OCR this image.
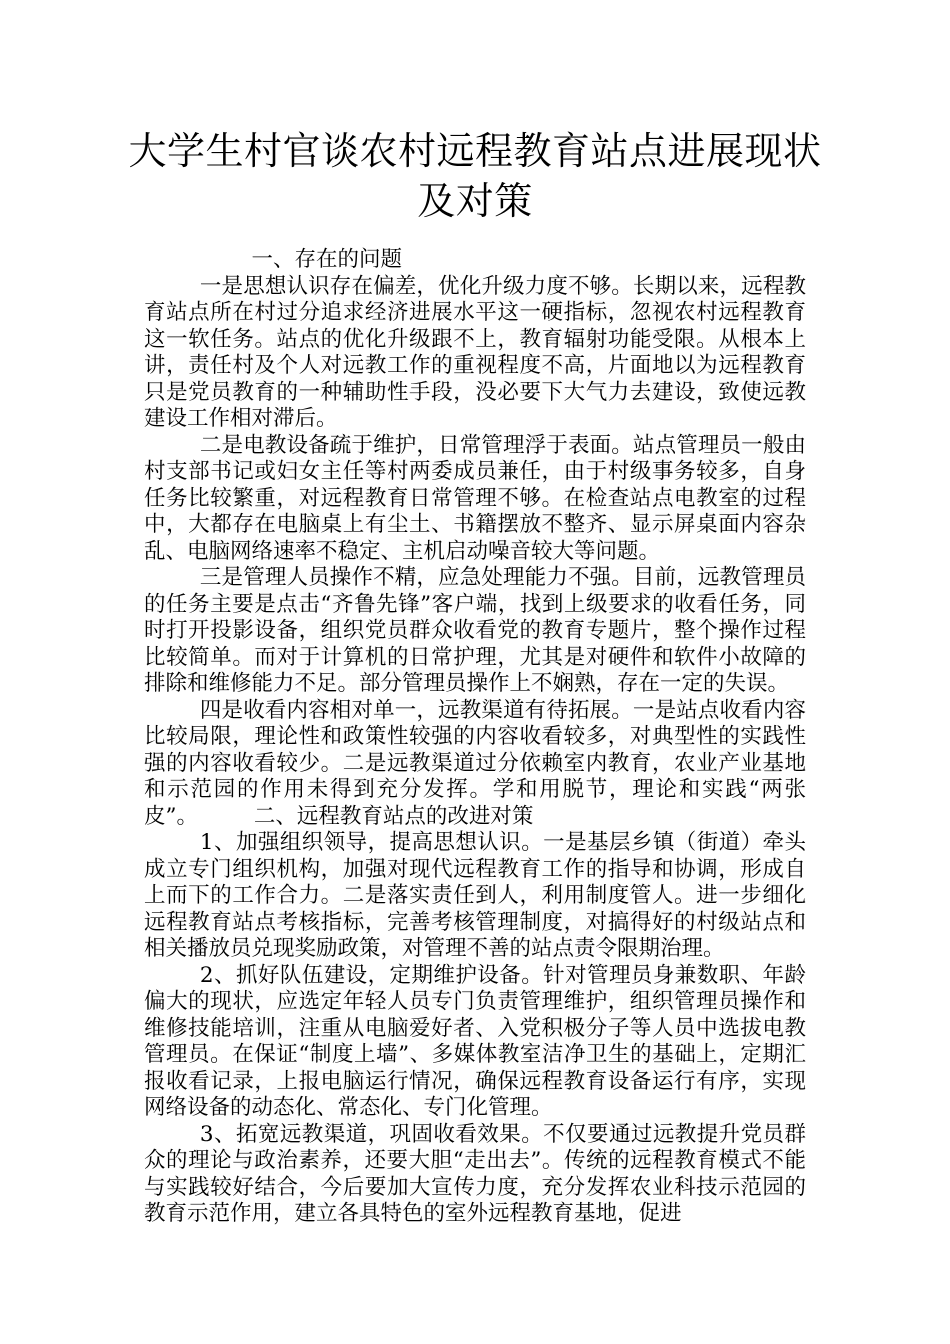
大学生村官谈农村远程教育站点进展现状
及对策

一、存在的问题

一是思想认识存在偏差，优化升级力度不够。长期以来，远程教育站点所在村过分追求经济进展水平这一硬指标，忽视农村远程教育这一软任务。站点的优化升级跟不上，教育辐射功能受限。从根本上讲，责任村及个人对远教工作的重视程度不高，片面地以为远程教育只是党员教育的一种辅助性手段，没必要下大气力去建设，致使远教建设工作相对滞后。

二是电教设备疏于维护，日常管理浮于表面。站点管理员一般由村支部书记或妇女主任等村两委成员兼任，由于村级事务较多，自身任务比较繁重，对远程教育日常管理不够。在检查站点电教室的过程中，大都存在电脑桌上有尘土、书籍摆放不整齐、显示屏桌面内容杂乱、电脑网络速率不稳定、主机启动噪音较大等问题。

三是管理人员操作不精，应急处理能力不强。目前，远教管理员的任务主要是点击“齐鲁先锋”客户端，找到上级要求的收看任务，同时打开投影设备，组织党员群众收看党的教育专题片，整个操作过程比较简单。而对于计算机的日常护理，尤其是对硬件和软件小故障的排除和维修能力不足。部分管理员操作上不娴熟，存在一定的失误。

四是收看内容相对单一，远教渠道有待拓展。一是站点收看内容比较局限，理论性和政策性较强的内容收看较多，对典型性的实践性强的内容收看较少。二是远教渠道过分依赖室内教育，农业产业基地和示范园的作用未得到充分发挥。学和用脱节，理论和实践“两张皮”。	二、远程教育站点的改进对策

1、加强组织领导，提高思想认识。一是基层乡镇（街道）牵头成立专门组织机构，加强对现代远程教育工作的指导和协调，形成自上而下的工作合力。二是落实责任到人，利用制度管人。进一步细化远程教育站点考核指标，完善考核管理制度，对搞得好的村级站点和相关播放员兑现奖励政策，对管理不善的站点责令限期治理。

2、抓好队伍建设，定期维护设备。针对管理员身兼数职、年龄偏大的现状，应选定年轻人员专门负责管理维护，组织管理员操作和维修技能培训，注重从电脑爱好者、入党积极分子等人员中选拔电教管理员。在保证“制度上墙”、多媒体教室洁净卫生的基础上，定期汇报收看记录，上报电脑运行情况，确保远程教育设备运行有序，实现网络设备的动态化、常态化、专门化管理。

3、拓宽远教渠道，巩固收看效果。不仅要通过远教提升党员群众的理论与政治素养，还要大胆“走出去”。传统的远程教育模式不能与实践较好结合，今后要加大宣传力度，充分发挥农业科技示范园的教育示范作用，建立各具特色的室外远程教育基地，促进
